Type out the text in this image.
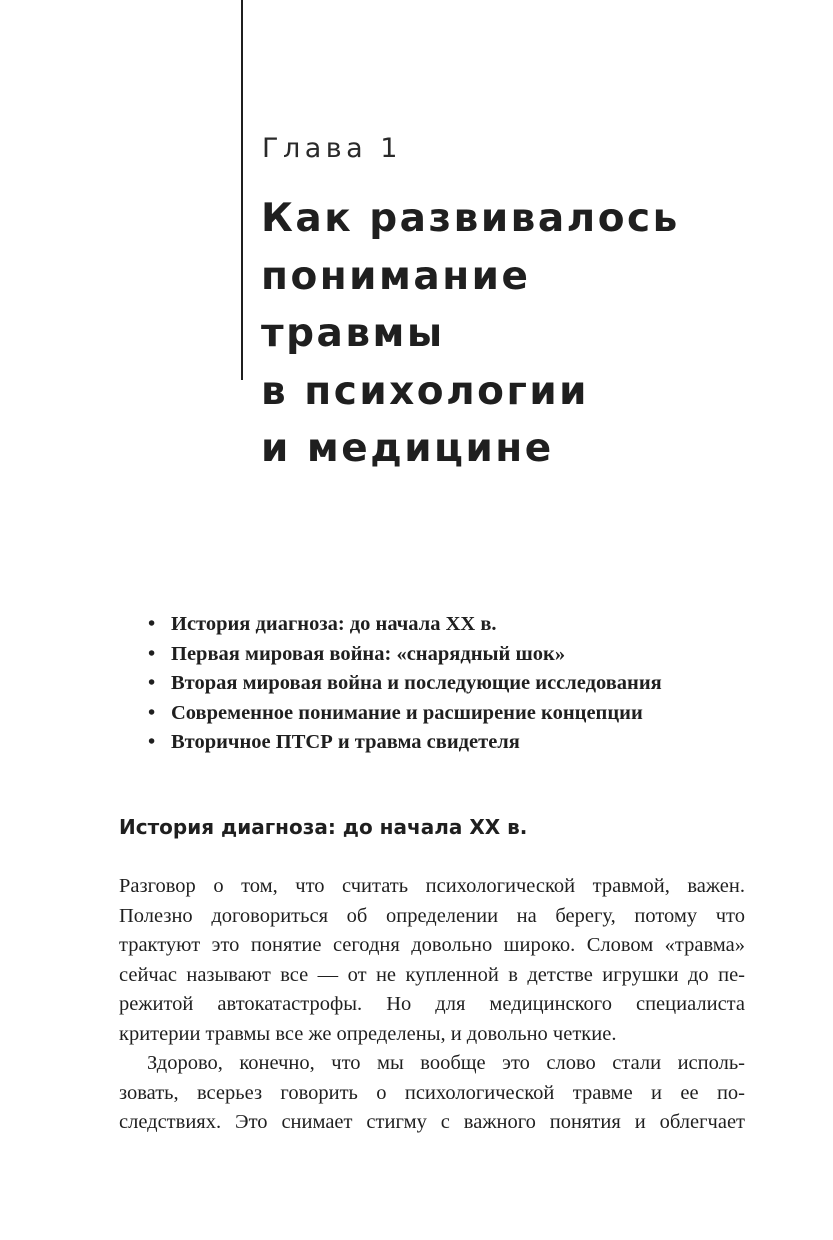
Глава 1

Как развивалось
понимание
травмы
в психологии
и медицине
• История диагноза: до начала XX в.
• Первая мировая война: «снарядный шок»
• Вторая мировая война и последующие исследования
• Современное понимание и расширение концепции
• Вторичное ПТСР и травма свидетеля
История диагноза: до начала XX в.
Разговор о том, что считать психологической травмой, важен.
Полезно договориться об определении на берегу, потому что
трактуют это понятие сегодня довольно широко. Словом «травма»
сейчас называют все — от не купленной в детстве игрушки до пе-
режитой автокатастрофы. Но для медицинского специалиста
критерии травмы все же определены, и довольно четкие.
Здорово, конечно, что мы вообще это слово стали исполь-
зовать, всерьез говорить о психологической травме и ее по-
следствиях. Это снимает стигму с важного понятия и облегчает
